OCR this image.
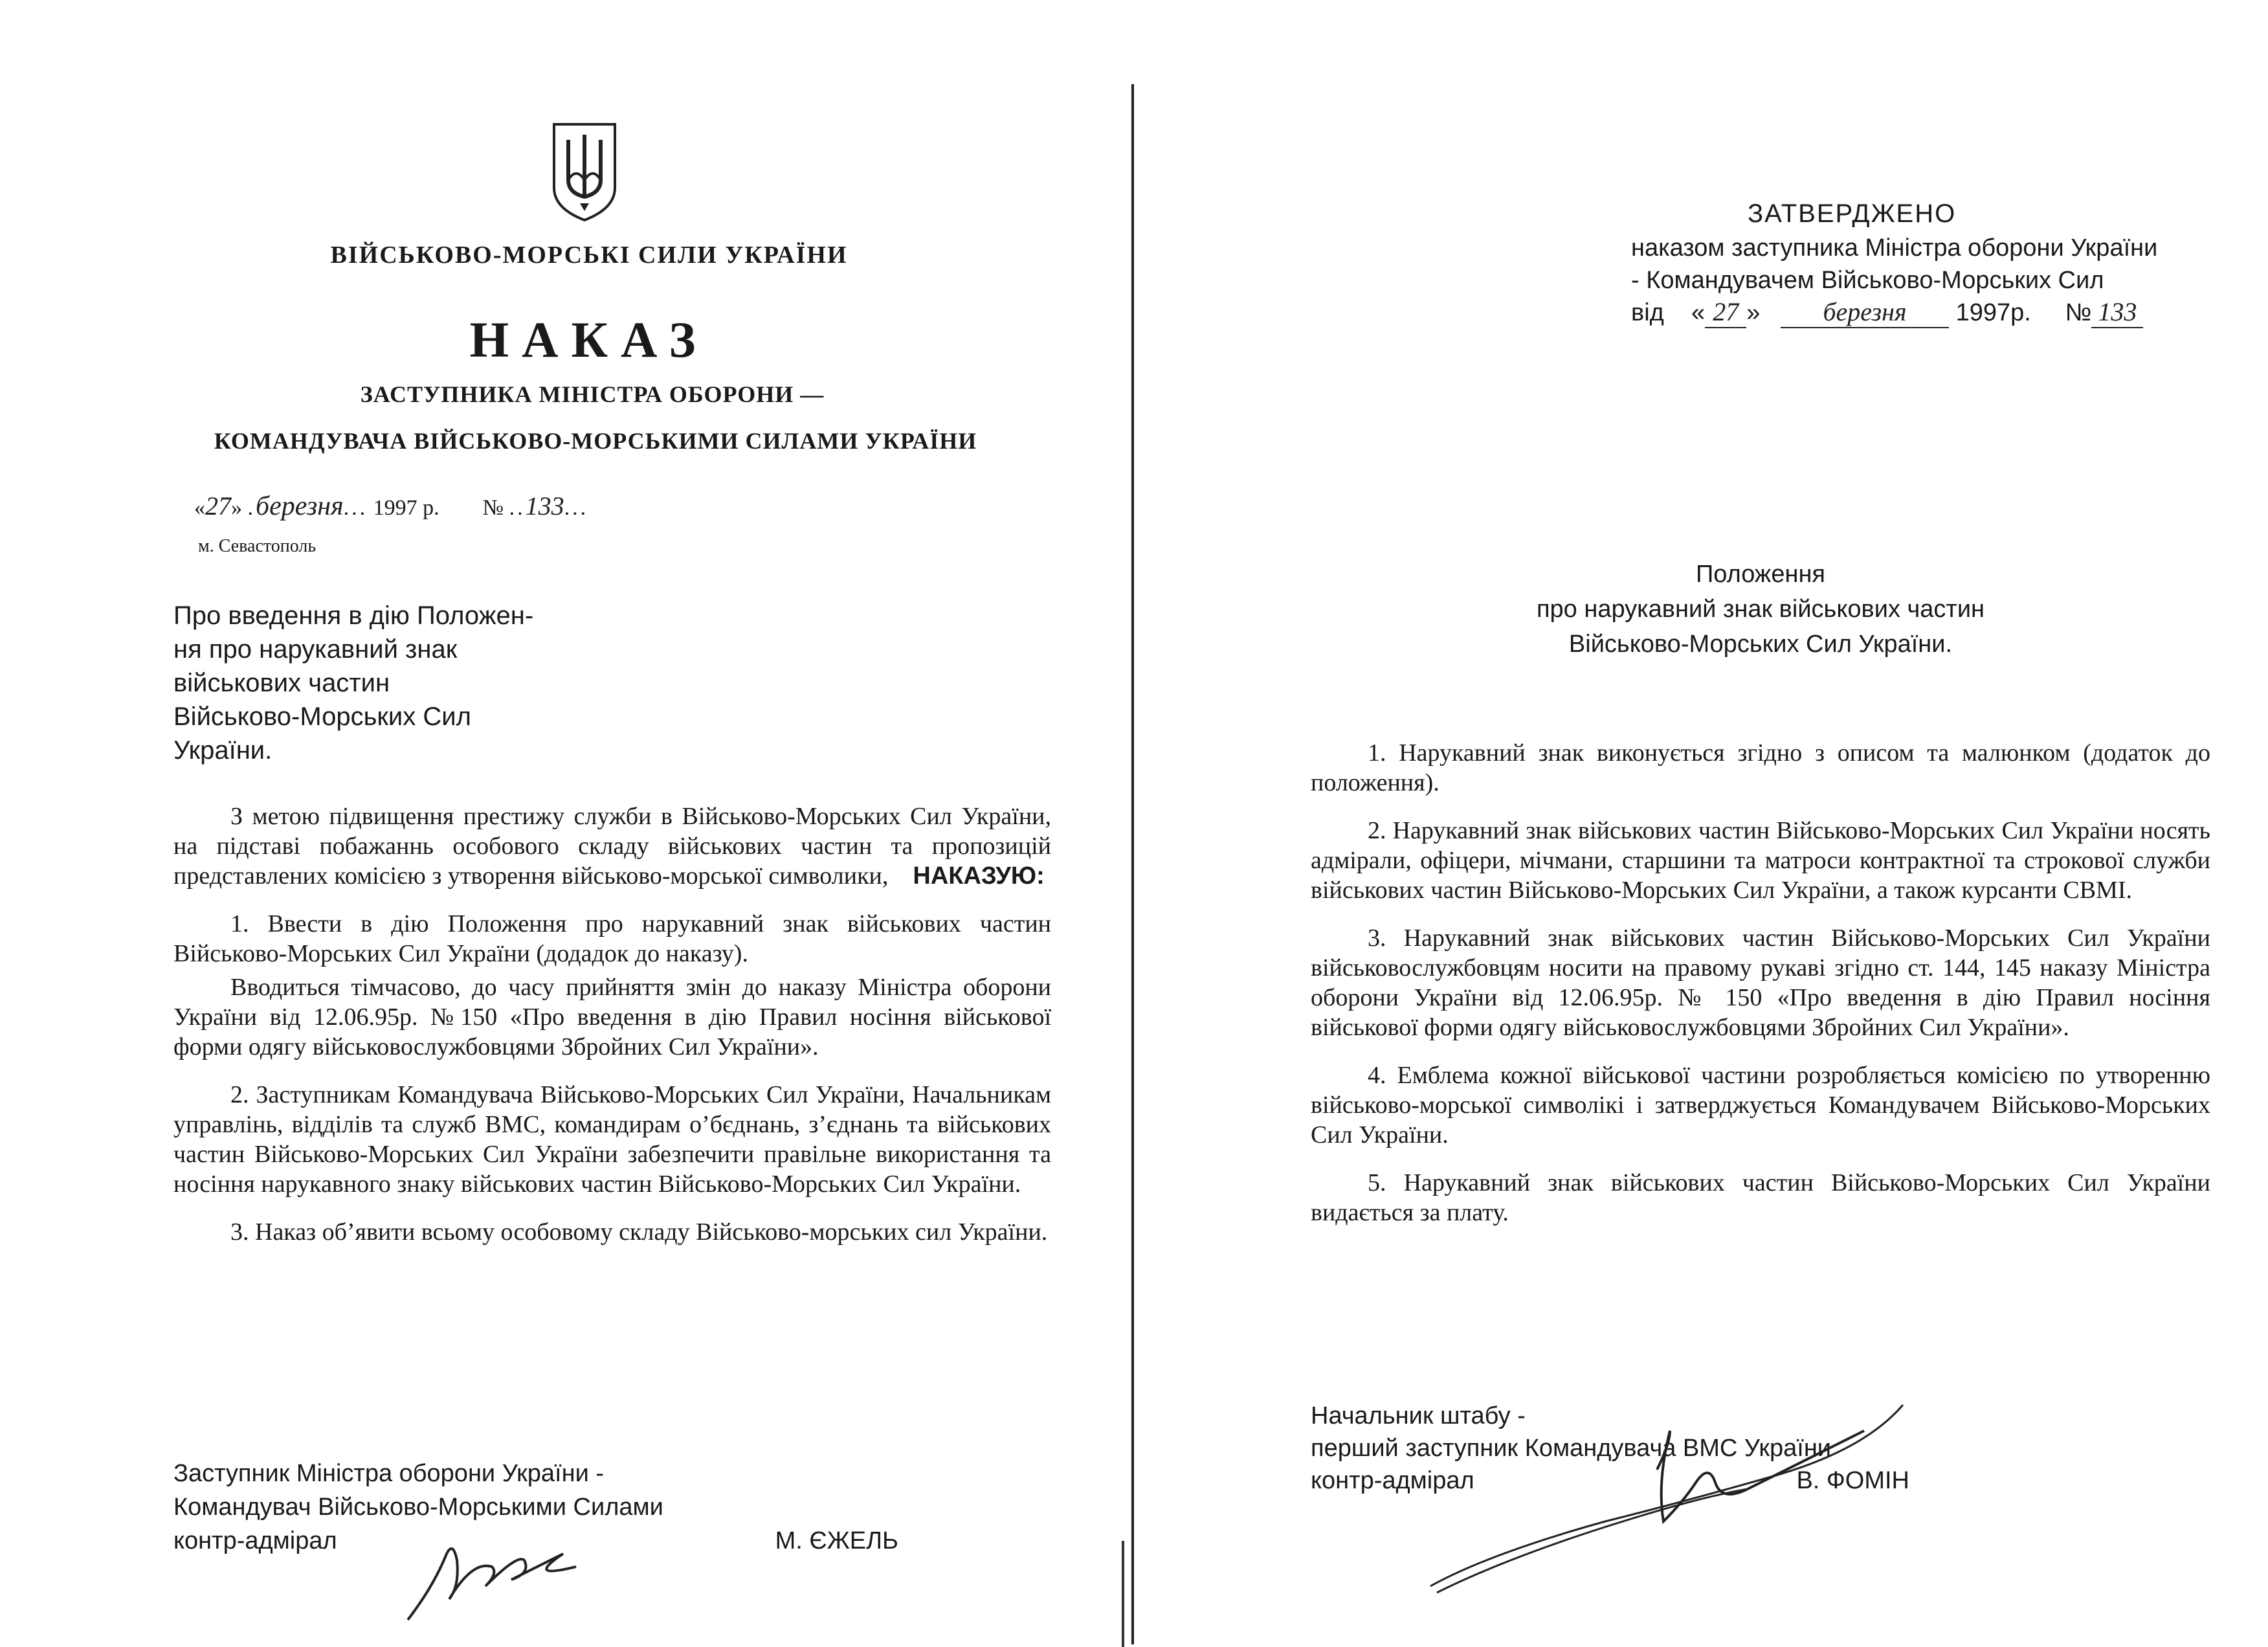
ВІЙСЬКОВО-МОРСЬКІ СИЛИ УКРАЇНИ
НАКАЗ
ЗАСТУПНИКА МІНІСТРА ОБОРОНИ —
КОМАНДУВАЧА ВІЙСЬКОВО-МОРСЬКИМИ СИЛАМИ УКРАЇНИ
«27» .березня... 1997 р. № ..133...
м. Севастополь
Про введення в дію Положен-
ня про нарукавний знак
військових частин
Військово-Морських Сил
України.

З метою підвищення престижу служби в Військово-Морських Сил України, на підставі побажаннь особового складу військових частин та пропозицій представлених комісією з утворення військово-морської символики, НАКАЗУЮ:

1. Ввести в дію Положення про нарукавний знак військових частин Військово-Морських Сил України (додадок до наказу).

Вводиться тімчасово, до часу прийняття змін до наказу Міністра оборони України від 12.06.95р. №150 «Про введення в дію Правил носіння військової форми одягу військовослужбовцями Збройних Сил України».

2. Заступникам Командувача Військово-Морських Сил України, Начальникам управлінь, відділів та служб ВМС, командирам о’бєднань, з’єднань та військових частин Військово-Морських Сил України забезпечити правільне використання та носіння нарукавного знаку військових частин Військово-Морських Сил України.

3. Наказ об’явити всьому особовому складу Військово-морських сил України.

Заступник Міністра оборони України -
Командувач Військово-Морськими Силами
контр-адмірал	М. ЄЖЕЛЬ
ЗАТВЕРДЖЕНО
наказом заступника Міністра оборони України
- Командувачем Військово-Морських Сил
від « 27 » березня 1997р. № 133
Положення
про нарукавний знак військових частин
Військово-Морських Сил України.

1. Нарукавний знак виконується згідно з описом та малюнком (додаток до положення).

2. Нарукавний знак військових частин Військово-Морських Сил України носять адмірали, офіцери, мічмани, старшини та матроси контрактної та строкової служби військових частин Військово-Морських Сил України, а також курсанти СВМІ.

3. Нарукавний знак військових частин Військово-Морських Сил України військовослужбовцям носити на правому рукаві згідно ст. 144, 145 наказу Міністра оборони України від 12.06.95р. № 150 «Про введення в дію Правил носіння військової форми одягу військовослужбовцями Збройних Сил України».

4. Емблема кожної військової частини розробляється комісією по утворенню військово-морської символікі і затверджується Командувачем Військово-Морських Сил України.

5. Нарукавний знак військових частин Військово-Морських Сил України видається за плату.

Начальник штабу -
перший заступник Командувача ВМС України
контр-адмірал	В. ФОМІН
